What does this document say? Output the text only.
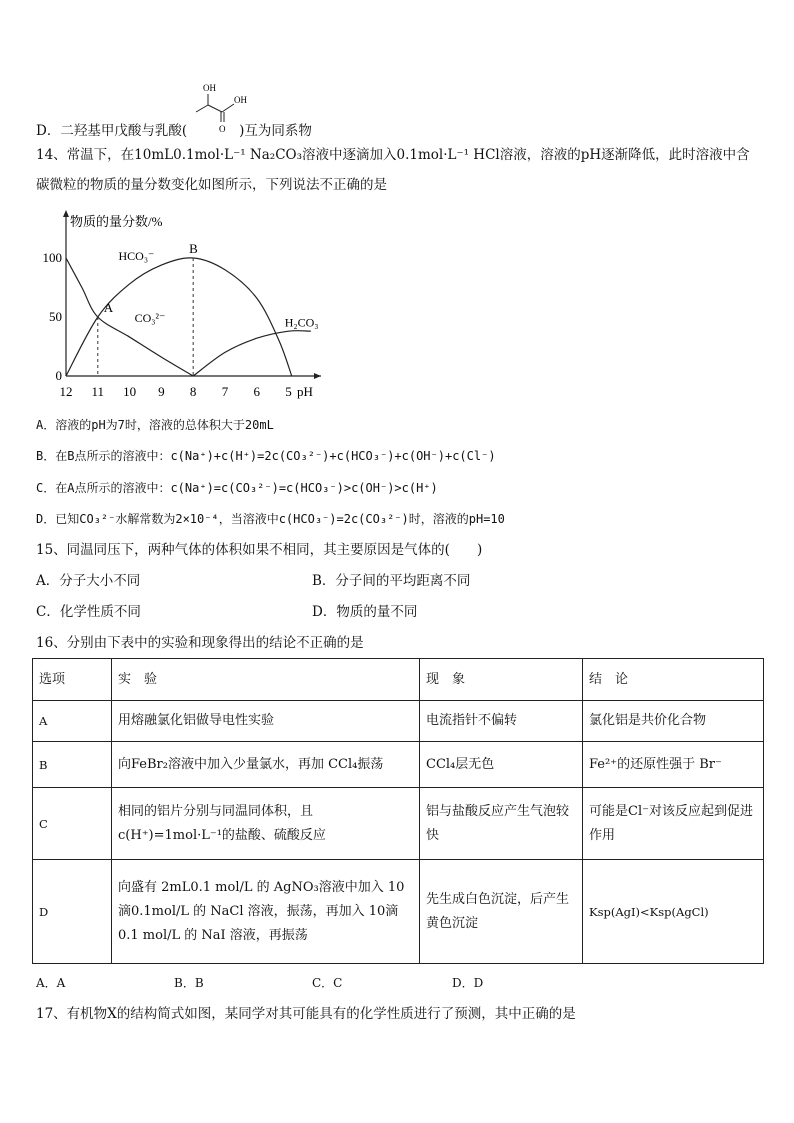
OH
OH
O
D．二羟基甲戊酸与乳酸(	)互为同系物
14、常温下，在10mL0.1mol·L⁻¹ Na₂CO₃溶液中逐滴加入0.1mol·L⁻¹ HCl溶液，溶液的pH逐渐降低，此时溶液中含
碳微粒的物质的量分数变化如图所示，下列说法不正确的是
物质的量分数/%
pH
12 11 10 9 8 7 6 5
0
50
100
CO₃²⁻
HCO₃⁻
H₂CO₃
A
B
A．溶液的pH为7时，溶液的总体积大于20mL
B．在B点所示的溶液中：c(Na⁺)+c(H⁺)=2c(CO₃²⁻)+c(HCO₃⁻)+c(OH⁻)+c(Cl⁻)
C．在A点所示的溶液中：c(Na⁺)=c(CO₃²⁻)=c(HCO₃⁻)>c(OH⁻)>c(H⁺)
D．已知CO₃²⁻水解常数为2×10⁻⁴，当溶液中c(HCO₃⁻)=2c(CO₃²⁻)时，溶液的pH=10
15、同温同压下，两种气体的体积如果不相同，其主要原因是气体的(　　)
A．分子大小不同	B．分子间的平均距离不同
C．化学性质不同	D．物质的量不同
16、分别由下表中的实验和现象得出的结论不正确的是
选项	实　验	现　象	结　论
A	用熔融氯化铝做导电性实验	电流指针不偏转	氯化铝是共价化合物
B	向FeBr₂溶液中加入少量氯水，再加 CCl₄振荡	CCl₄层无色	Fe²⁺的还原性强于 Br⁻
C	相同的铝片分别与同温同体积，且c(H⁺)=1mol·L⁻¹的盐酸、硫酸反应	铝与盐酸反应产生气泡较快	可能是Cl⁻对该反应起到促进作用
D	向盛有 2mL0.1 mol/L 的 AgNO₃溶液中加入 10滴0.1mol/L 的 NaCl 溶液，振荡，再加入 10滴 0.1 mol/L 的 NaI 溶液，再振荡	先生成白色沉淀，后产生黄色沉淀	Ksp(AgI)<Ksp(AgCl)
A．A	B．B	C．C	D．D
17、有机物X的结构简式如图，某同学对其可能具有的化学性质进行了预测，其中正确的是
